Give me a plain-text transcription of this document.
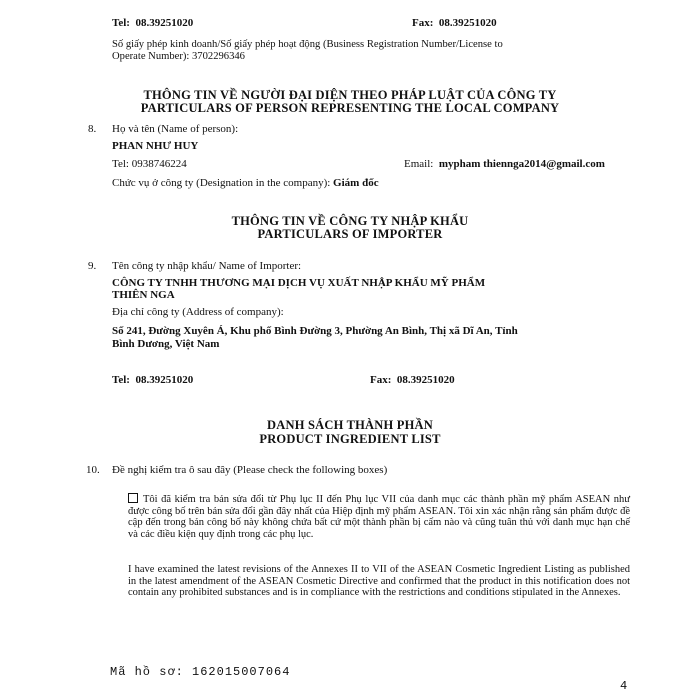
Tel: 08.39251020	Fax: 08.39251020
Số giấy phép kinh doanh/Số giấy phép hoạt động (Business Registration Number/License to
Operate Number): 3702296346
THÔNG TIN VỀ NGƯỜI ĐẠI DIỆN THEO PHÁP LUẬT CỦA CÔNG TY
PARTICULARS OF PERSON REPRESENTING THE LOCAL COMPANY
8. Họ và tên (Name of person):
PHAN NHƯ HUY
Tel: 0938746224	Email: mypham thiennga2014@gmail.com
Chức vụ ở công ty (Designation in the company): Giám đốc
THÔNG TIN VỀ CÔNG TY NHẬP KHẨU
PARTICULARS OF IMPORTER
9. Tên công ty nhập khẩu/ Name of Importer:
CÔNG TY TNHH THƯƠNG MẠI DỊCH VỤ XUẤT NHẬP KHẨU MỸ PHẨM
THIÊN NGA
Địa chỉ công ty (Address of company):
Số 241, Đường Xuyên Á, Khu phố Bình Đường 3, Phường An Bình, Thị xã Dĩ An, Tỉnh
Bình Dương, Việt Nam
Tel: 08.39251020	Fax: 08.39251020
DANH SÁCH THÀNH PHẦN
PRODUCT INGREDIENT LIST
10. Đề nghị kiểm tra ô sau đây (Please check the following boxes)
Tôi đã kiểm tra bản sửa đổi từ Phụ lục II đến Phụ lục VII của danh mục các thành phần mỹ phẩm ASEAN như được công bố trên bản sửa đổi gần đây nhất của Hiệp định mỹ phẩm ASEAN. Tôi xin xác nhận rằng sản phẩm được đề cập đến trong bản công bố này không chứa bất cứ một thành phần bị cấm nào và cũng tuân thủ với danh mục hạn chế và các điều kiện quy định trong các phụ lục.
I have examined the latest revisions of the Annexes II to VII of the ASEAN Cosmetic Ingredient Listing as published in the latest amendment of the ASEAN Cosmetic Directive and confirmed that the product in this notification does not contain any prohibited substances and is in compliance with the restrictions and conditions stipulated in the Annexes.
Mã hồ sơ: 162015007064
4
